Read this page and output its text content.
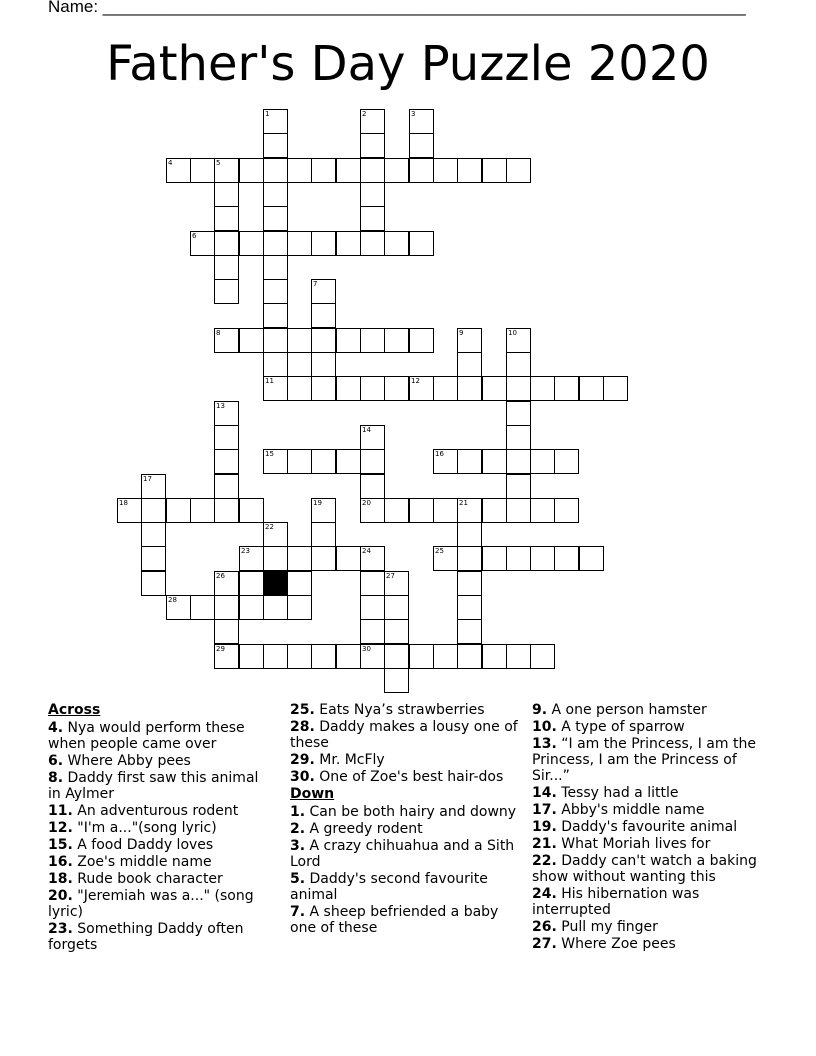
Name: ____________________________________________________________________
Father's Day Puzzle 2020
4	5
6
8
11	12
15	16
18	20	21
23	24	25
28
29	30
1	2	3
7
9	10
13
14
17
19
22
26	27
Across
4. Nya would perform these when people came over
6. Where Abby pees
8. Daddy first saw this animal in Aylmer
11. An adventurous rodent
12. "I'm a..."(song lyric)
15. A food Daddy loves
16. Zoe's middle name
18. Rude book character
20. "Jeremiah was a..." (song lyric)
23. Something Daddy often forgets
25. Eats Nya’s strawberries
28. Daddy makes a lousy one of these
29. Mr. McFly
30. One of Zoe's best hair-dos
Down
1. Can be both hairy and downy
2. A greedy rodent
3. A crazy chihuahua and a Sith Lord
5. Daddy's second favourite animal
7. A sheep befriended a baby one of these
9. A one person hamster
10. A type of sparrow
13. “I am the Princess, I am the Princess, I am the Princess of Sir...”
14. Tessy had a little
17. Abby's middle name
19. Daddy's favourite animal
21. What Moriah lives for
22. Daddy can't watch a baking show without wanting this
24. His hibernation was interrupted
26. Pull my finger
27. Where Zoe pees
